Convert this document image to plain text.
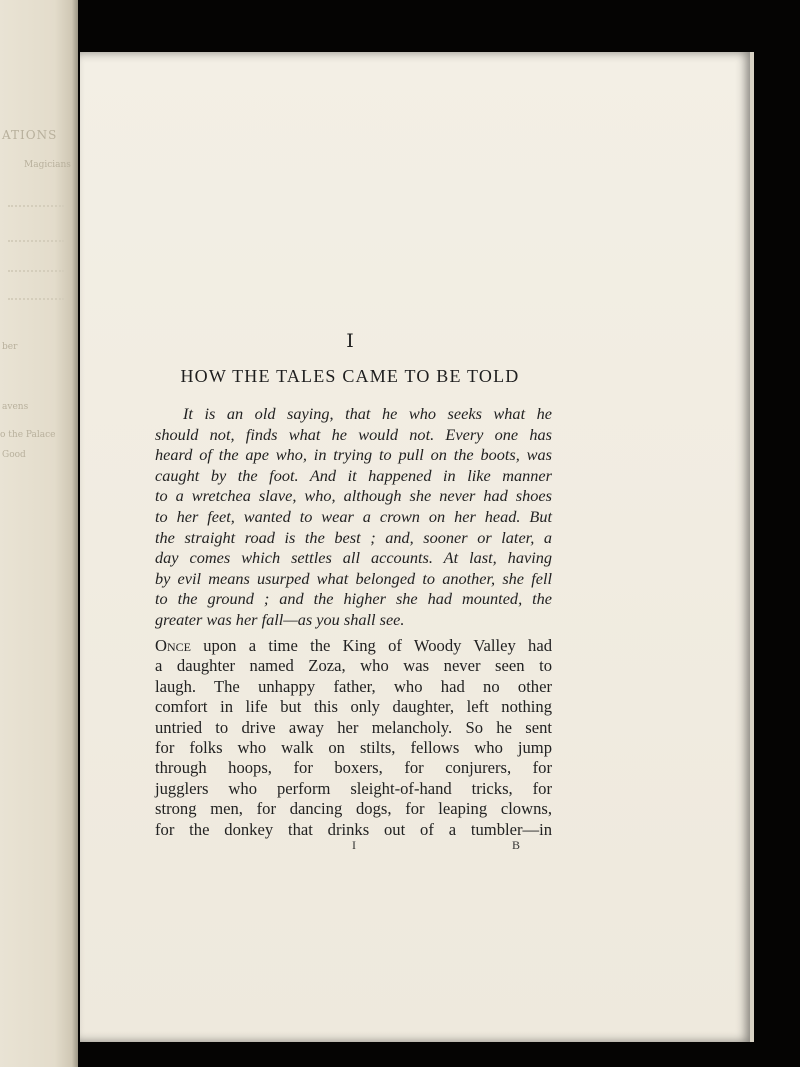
ATIONS
Magicians
ber
avens
o the Palace
Good
I
HOW THE TALES CAME TO BE TOLD
It is an old saying, that he who seeks what he
should not, finds what he would not. Every one has
heard of the ape who, in trying to pull on the boots, was
caught by the foot. And it happened in like manner
to a wretchea slave, who, although she never had shoes
to her feet, wanted to wear a crown on her head. But
the straight road is the best ; and, sooner or later, a
day comes which settles all accounts. At last, having
by evil means usurped what belonged to another, she fell
to the ground ; and the higher she had mounted, the
greater was her fall—as you shall see.
Once upon a time the King of Woody Valley had
a daughter named Zoza, who was never seen to
laugh. The unhappy father, who had no other
comfort in life but this only daughter, left nothing
untried to drive away her melancholy. So he sent
for folks who walk on stilts, fellows who jump
through hoops, for boxers, for conjurers, for
jugglers who perform sleight-of-hand tricks, for
strong men, for dancing dogs, for leaping clowns,
for the donkey that drinks out of a tumbler—in
I	B
